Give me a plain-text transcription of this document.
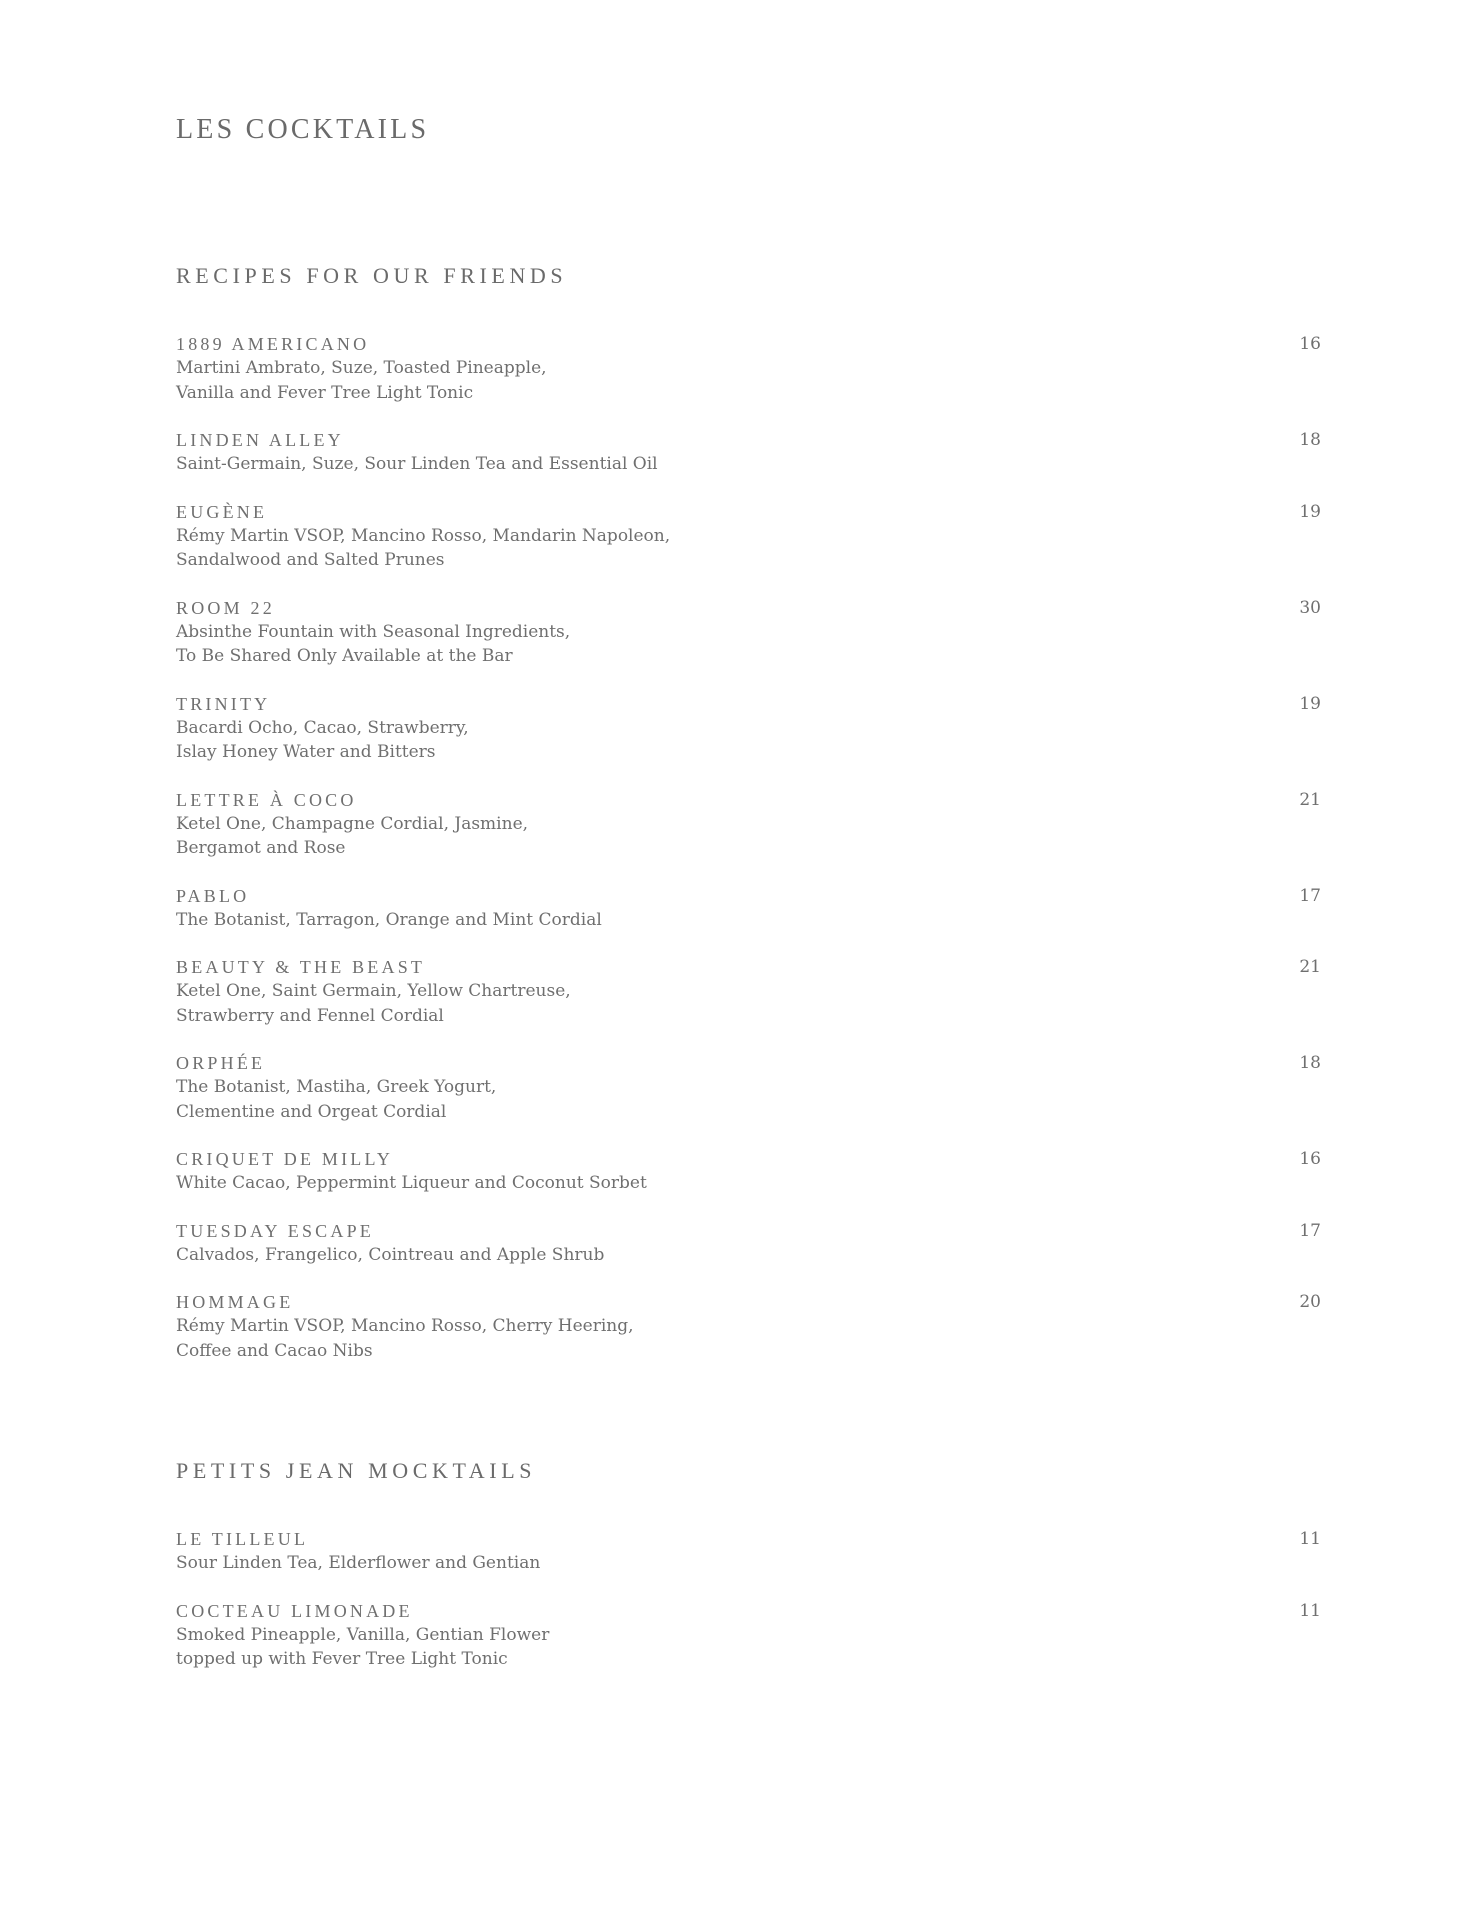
LES COCKTAILS
RECIPES FOR OUR FRIENDS
1889 AMERICANO	16
Martini Ambrato, Suze, Toasted Pineapple,
Vanilla and Fever Tree Light Tonic
LINDEN ALLEY	18
Saint-Germain, Suze, Sour Linden Tea and Essential Oil
EUGÈNE	19
Rémy Martin VSOP, Mancino Rosso, Mandarin Napoleon,
Sandalwood and Salted Prunes
ROOM 22	30
Absinthe Fountain with Seasonal Ingredients,
To Be Shared Only Available at the Bar
TRINITY	19
Bacardi Ocho, Cacao, Strawberry,
Islay Honey Water and Bitters
LETTRE À COCO	21
Ketel One, Champagne Cordial, Jasmine,
Bergamot and Rose
PABLO	17
The Botanist, Tarragon, Orange and Mint Cordial
BEAUTY & THE BEAST	21
Ketel One, Saint Germain, Yellow Chartreuse,
Strawberry and Fennel Cordial
ORPHÉE	18
The Botanist, Mastiha, Greek Yogurt,
Clementine and Orgeat Cordial
CRIQUET DE MILLY	16
White Cacao, Peppermint Liqueur and Coconut Sorbet
TUESDAY ESCAPE	17
Calvados, Frangelico, Cointreau and Apple Shrub
HOMMAGE	20
Rémy Martin VSOP, Mancino Rosso, Cherry Heering,
Coffee and Cacao Nibs
PETITS JEAN MOCKTAILS
LE TILLEUL	11
Sour Linden Tea, Elderflower and Gentian
COCTEAU LIMONADE	11
Smoked Pineapple, Vanilla, Gentian Flower
topped up with Fever Tree Light Tonic
